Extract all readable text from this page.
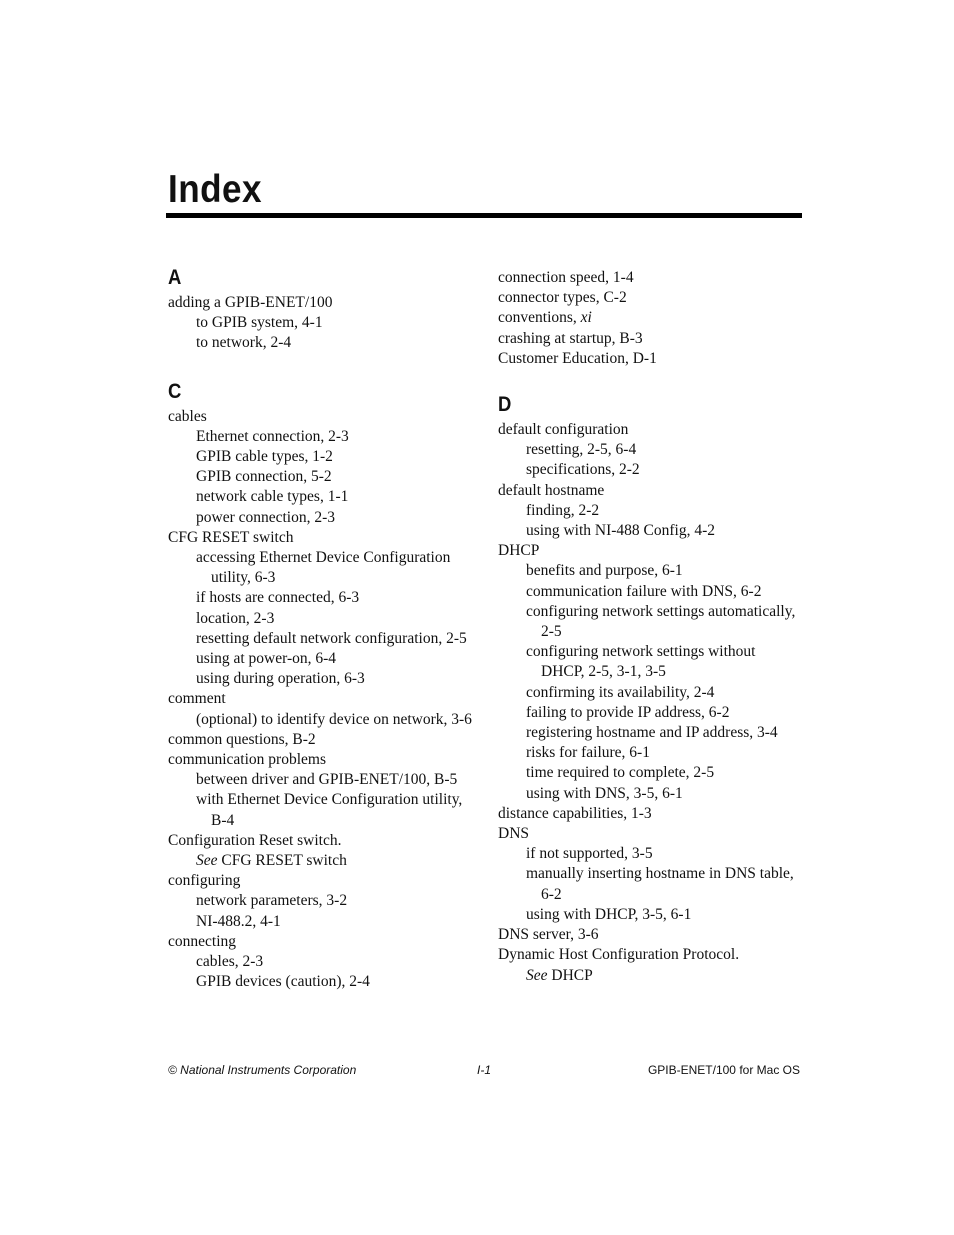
Index
A
adding a GPIB-ENET/100
to GPIB system, 4-1
to network, 2-4
C
cables
Ethernet connection, 2-3
GPIB cable types, 1-2
GPIB connection, 5-2
network cable types, 1-1
power connection, 2-3
CFG RESET switch
accessing Ethernet Device Configuration utility, 6-3
if hosts are connected, 6-3
location, 2-3
resetting default network configuration, 2-5
using at power-on, 6-4
using during operation, 6-3
comment
(optional) to identify device on network, 3-6
common questions, B-2
communication problems
between driver and GPIB-ENET/100, B-5
with Ethernet Device Configuration utility, B-4
Configuration Reset switch.
See CFG RESET switch
configuring
network parameters, 3-2
NI-488.2, 4-1
connecting
cables, 2-3
GPIB devices (caution), 2-4
connection speed, 1-4
connector types, C-2
conventions, xi
crashing at startup, B-3
Customer Education, D-1
D
default configuration
resetting, 2-5, 6-4
specifications, 2-2
default hostname
finding, 2-2
using with NI-488 Config, 4-2
DHCP
benefits and purpose, 6-1
communication failure with DNS, 6-2
configuring network settings automatically, 2-5
configuring network settings without DHCP, 2-5, 3-1, 3-5
confirming its availability, 2-4
failing to provide IP address, 6-2
registering hostname and IP address, 3-4
risks for failure, 6-1
time required to complete, 2-5
using with DNS, 3-5, 6-1
distance capabilities, 1-3
DNS
if not supported, 3-5
manually inserting hostname in DNS table, 6-2
using with DHCP, 3-5, 6-1
DNS server, 3-6
Dynamic Host Configuration Protocol.
See DHCP
© National Instruments Corporation	I-1	GPIB-ENET/100 for Mac OS
